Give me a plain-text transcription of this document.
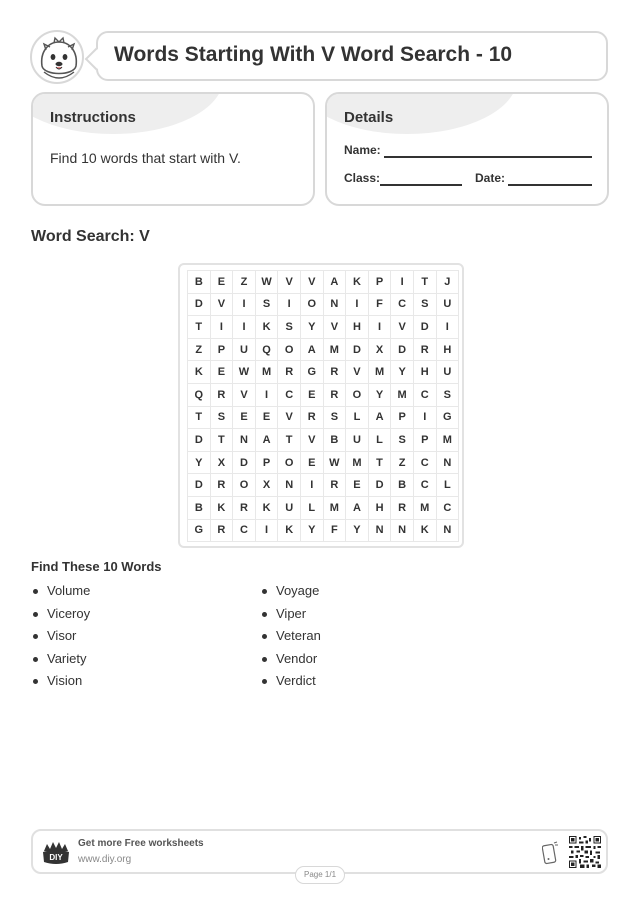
Words Starting With V Word Search - 10
Instructions
Find 10 words that start with V.
Details
Name:
Class:	Date:
Word Search: V
B	E	Z	W	V	V	A	K	P	I	T	J
D	V	I	S	I	O	N	I	F	C	S	U
T	I	I	K	S	Y	V	H	I	V	D	I
Z	P	U	Q	O	A	M	D	X	D	R	H
K	E	W	M	R	G	R	V	M	Y	H	U
Q	R	V	I	C	E	R	O	Y	M	C	S
T	S	E	E	V	R	S	L	A	P	I	G
D	T	N	A	T	V	B	U	L	S	P	M
Y	X	D	P	O	E	W	M	T	Z	C	N
D	R	O	X	N	I	R	E	D	B	C	L
B	K	R	K	U	L	M	A	H	R	M	C
G	R	C	I	K	Y	F	Y	N	N	K	N
Find These 10 Words
Volume
Viceroy
Visor
Variety
Vision
Voyage
Viper
Veteran
Vendor
Verdict
DIY
Get more Free worksheets
www.diy.org
Page 1/1
